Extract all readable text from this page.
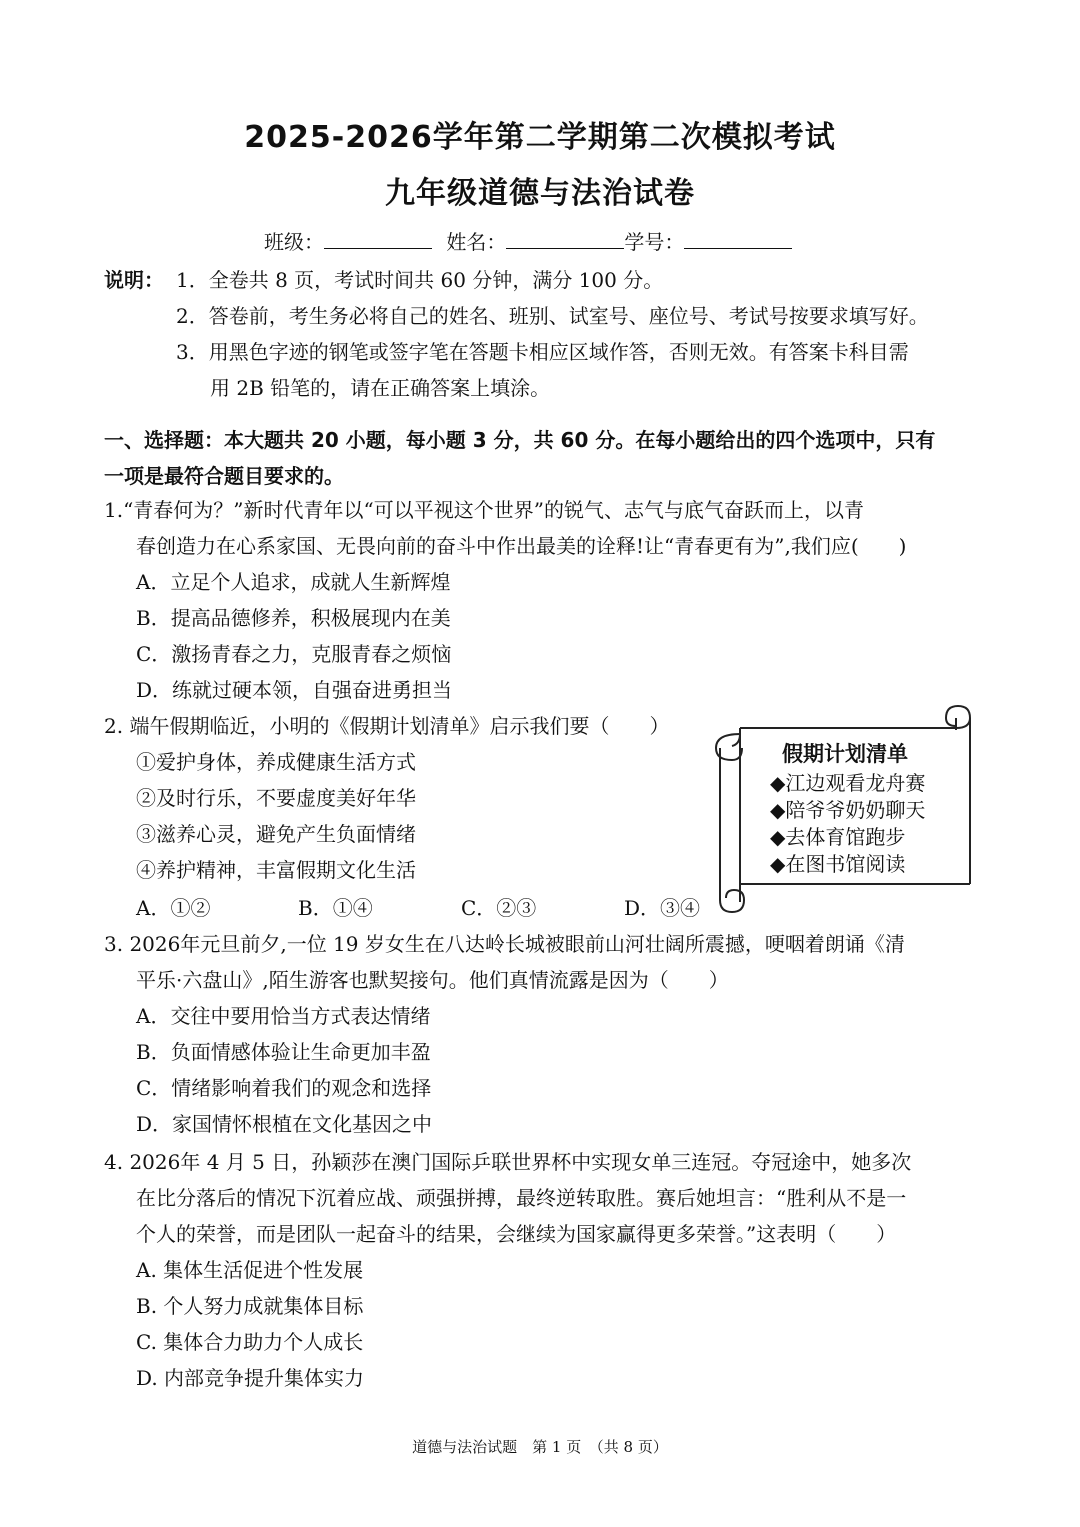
2025-2026学年第二学期第二次模拟考试
九年级道德与法治试卷
班级：	姓名：	学号：
说明： 1．全卷共 8 页，考试时间共 60 分钟，满分 100 分。
2．答卷前，考生务必将自己的姓名、班别、试室号、座位号、考试号按要求填写好。
3．用黑色字迹的钢笔或签字笔在答题卡相应区域作答，否则无效。有答案卡科目需
用 2B 铅笔的，请在正确答案上填涂。
一、选择题：本大题共 20 小题，每小题 3 分，共 60 分。在每小题给出的四个选项中，只有
一项是最符合题目要求的。
1.“青春何为？”新时代青年以“可以平视这个世界”的锐气、志气与底气奋跃而上，以青
春创造力在心系家国、无畏向前的奋斗中作出最美的诠释!让“青春更有为”,我们应(　　)
A．立足个人追求，成就人生新辉煌
B．提高品德修养，积极展现内在美
C．激扬青春之力，克服青春之烦恼
D．练就过硬本领，自强奋进勇担当
2. 端午假期临近，小明的《假期计划清单》启示我们要（　　）
①爱护身体，养成健康生活方式
②及时行乐，不要虚度美好年华
③滋养心灵，避免产生负面情绪
④养护精神，丰富假期文化生活
A．①②	B．①④	C．②③	D．③④
假期计划清单
◆江边观看龙舟赛
◆陪爷爷奶奶聊天
◆去体育馆跑步
◆在图书馆阅读
3. 2026年元旦前夕,一位 19 岁女生在八达岭长城被眼前山河壮阔所震撼，哽咽着朗诵《清
平乐·六盘山》,陌生游客也默契接句。他们真情流露是因为（　　）
A．交往中要用恰当方式表达情绪
B．负面情感体验让生命更加丰盈
C．情绪影响着我们的观念和选择
D．家国情怀根植在文化基因之中
4. 2026年 4 月 5 日，孙颖莎在澳门国际乒联世界杯中实现女单三连冠。夺冠途中，她多次
在比分落后的情况下沉着应战、顽强拼搏，最终逆转取胜。赛后她坦言：“胜利从不是一
个人的荣誉，而是团队一起奋斗的结果，会继续为国家赢得更多荣誉。”这表明（　　）
A. 集体生活促进个性发展
B. 个人努力成就集体目标
C. 集体合力助力个人成长
D. 内部竞争提升集体实力
道德与法治试题　第 1 页　（共 8 页）
